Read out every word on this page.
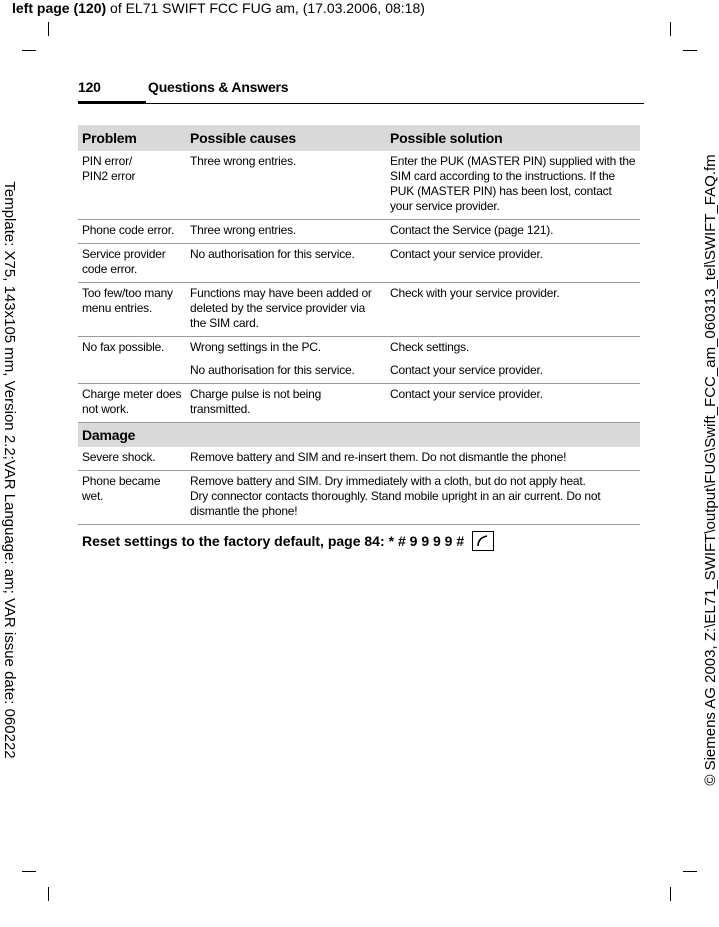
left page (120) of EL71 SWIFT FCC FUG am, (17.03.2006, 08:18)
Template: X75, 143x105 mm, Version 2.2;VAR Language: am; VAR issue date: 060222	© Siemens AG 2003, Z:\EL71_SWIFT\output\FUG\Swift_FCC_am_060313_tel\SWIFT_FAQ.fm
120	Questions & Answers
Problem	Possible causes	Possible solution
PIN error/
PIN2 error	Three wrong entries.	Enter the PUK (MASTER PIN) supplied with the SIM card according to the instructions. If the PUK (MASTER PIN) has been lost, contact your service provider.
Phone code error.	Three wrong entries.	Contact the Service (page 121).
Service provider code error.	No authorisation for this service.	Contact your service provider.
Too few/too many menu entries.	Functions may have been added or deleted by the service provider via the SIM card.	Check with your service provider.
No fax possible.	Wrong settings in the PC.	Check settings.
	No authorisation for this service.	Contact your service provider.
Charge meter does not work.	Charge pulse is not being transmitted.	Contact your service provider.
Damage		
Severe shock.	Remove battery and SIM and re-insert them. Do not dismantle the phone!	
Phone became wet.	Remove battery and SIM. Dry immediately with a cloth, but do not apply heat.
Dry connector contacts thoroughly. Stand mobile upright in an air current. Do not dismantle the phone!	
Reset settings to the factory default, page 84: * # 9 9 9 9 #
